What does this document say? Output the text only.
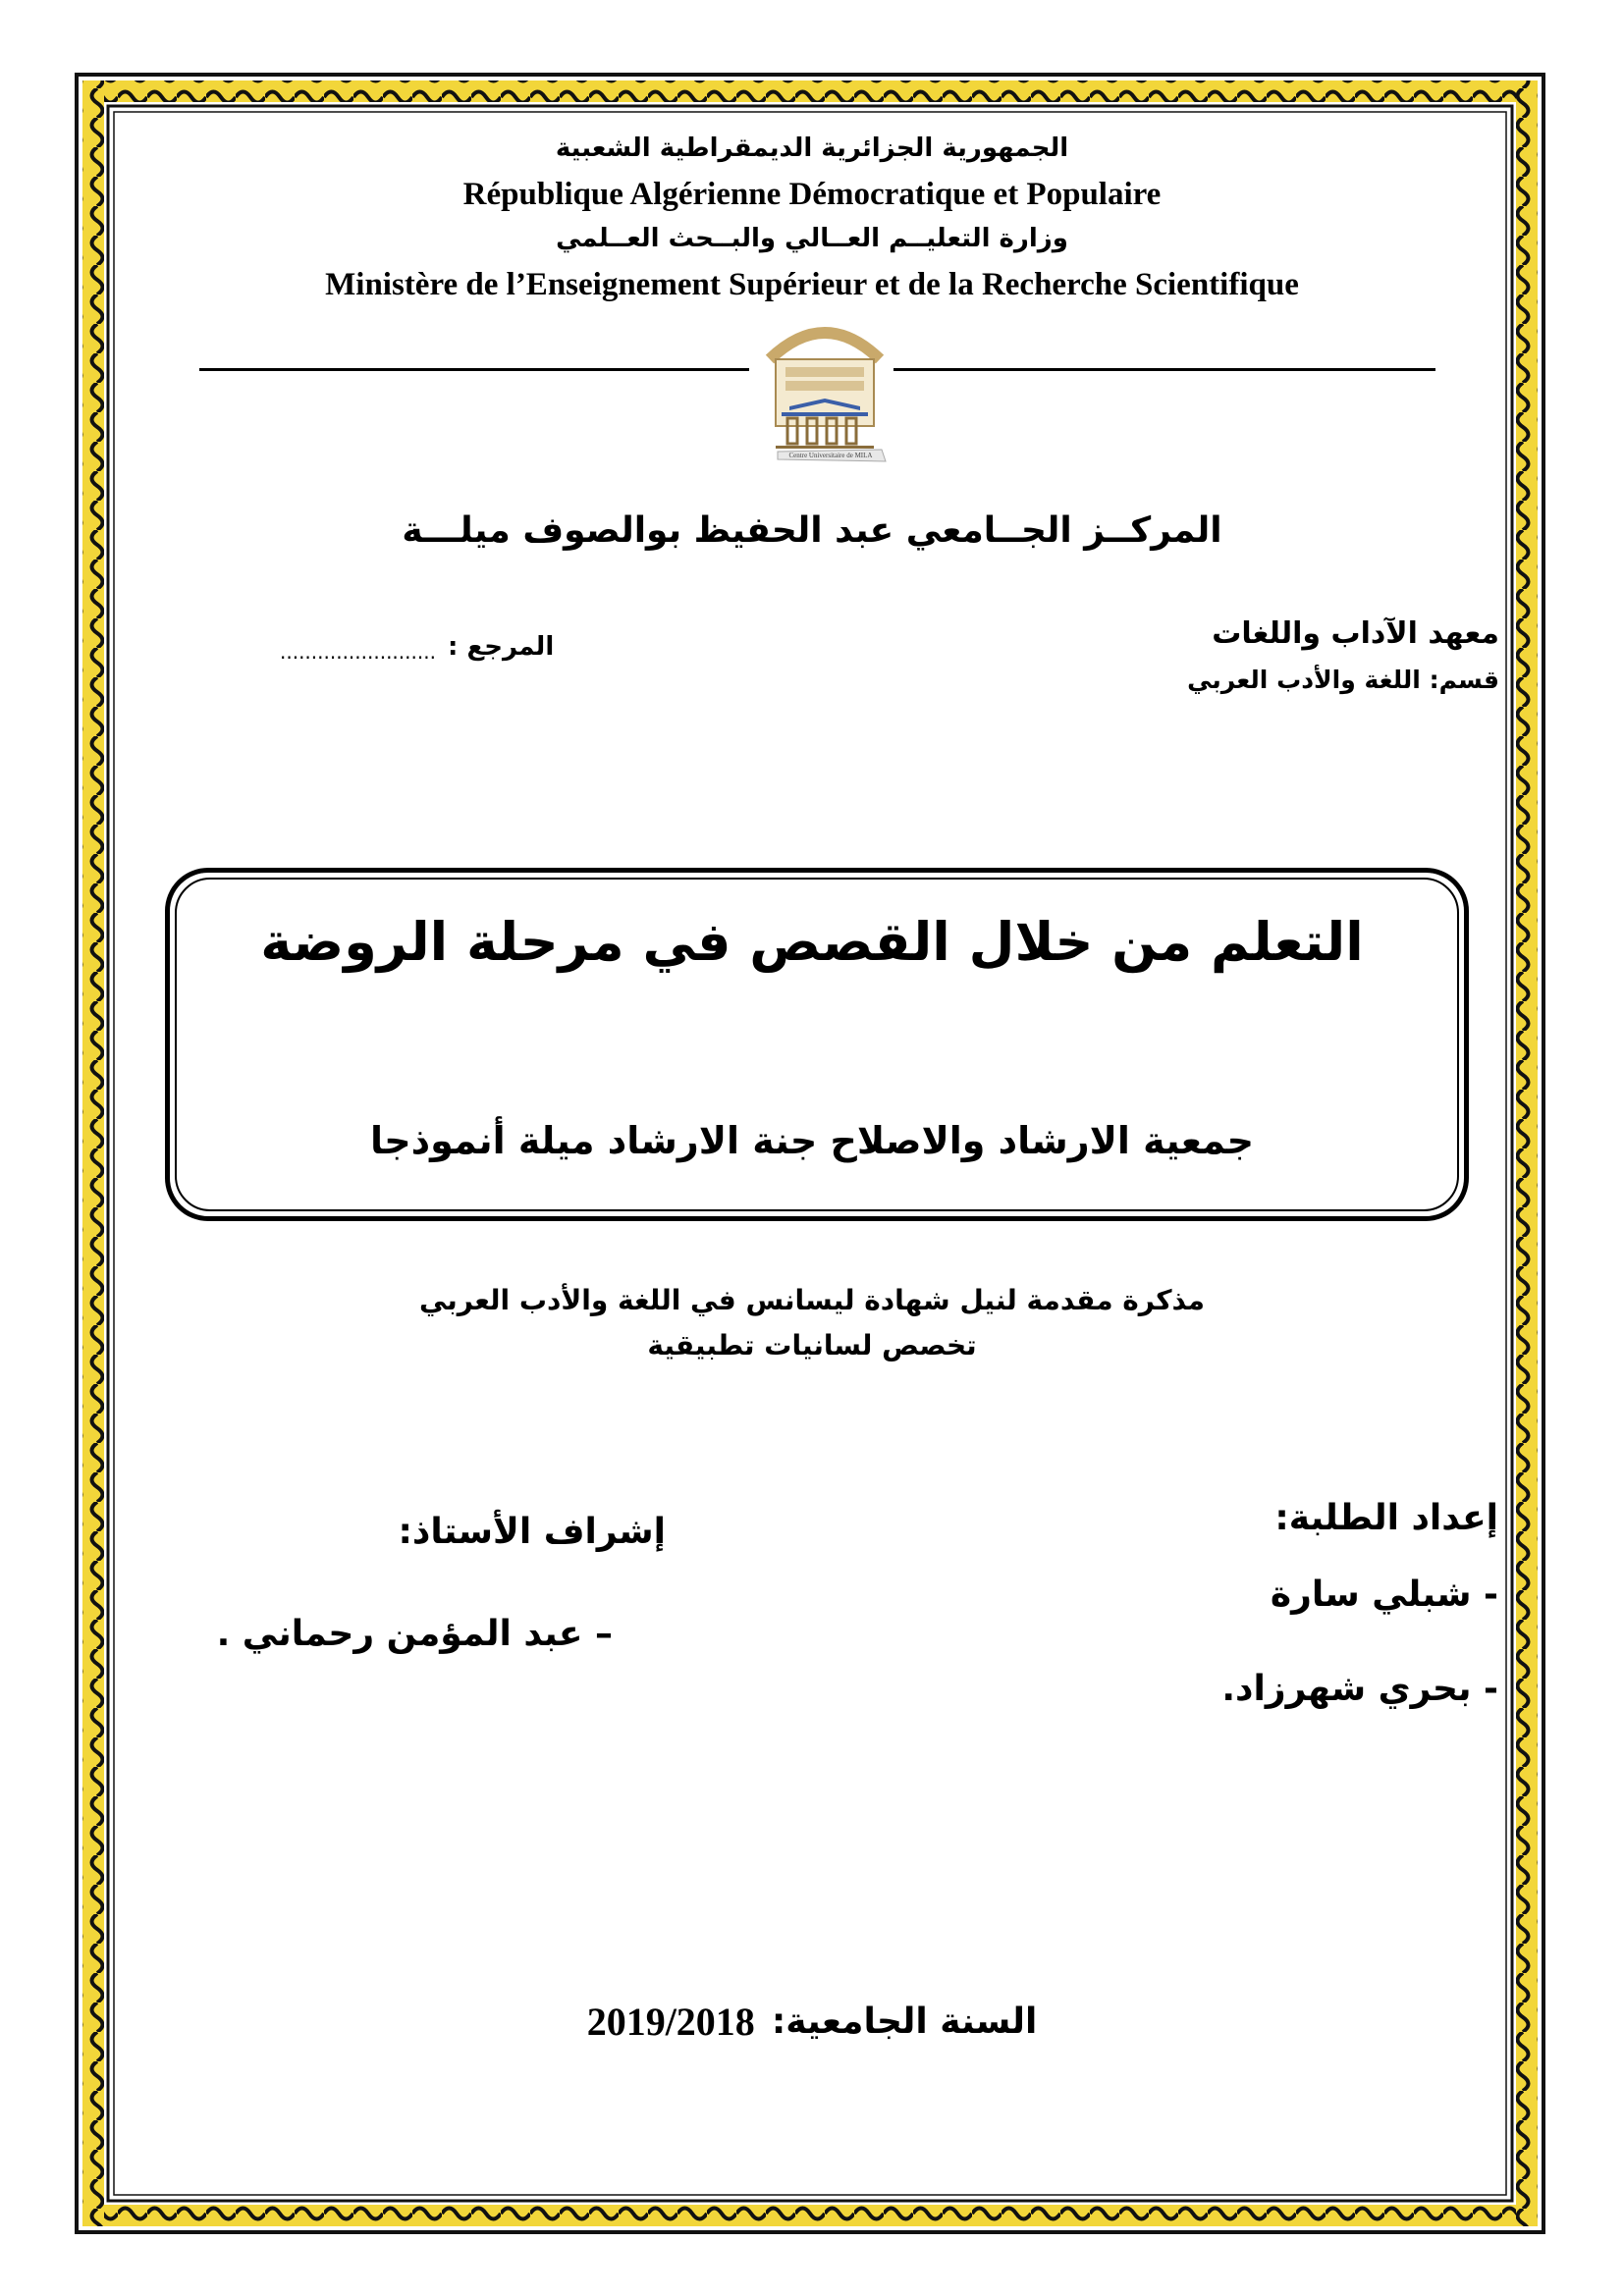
الجمهورية الجزائرية الديمقراطية الشعبية
République Algérienne Démocratique et Populaire
وزارة التعليــم العــالي والبــحث العــلمي
Ministère de l’Enseignement Supérieur et de la Recherche Scientifique
Centre Universitaire de MILA
المركــز الجــامعي عبد الحفيظ بوالصوف ميلـــة
معهد الآداب واللغات
قسم: اللغة والأدب العربي
المرجع :
.........................
التعلم من خلال القصص في مرحلة الروضة
جمعية الارشاد والاصلاح جنة الارشاد ميلة أنموذجا
مذكرة مقدمة لنيل شهادة ليسانس في اللغة والأدب العربي
تخصص لسانيات تطبيقية
إعداد الطلبة:
- شبلي سارة
- بحري شهرزاد.
إشراف الأستاذ:
– عبد المؤمن رحماني .
2019/2018 السنة الجامعية:
